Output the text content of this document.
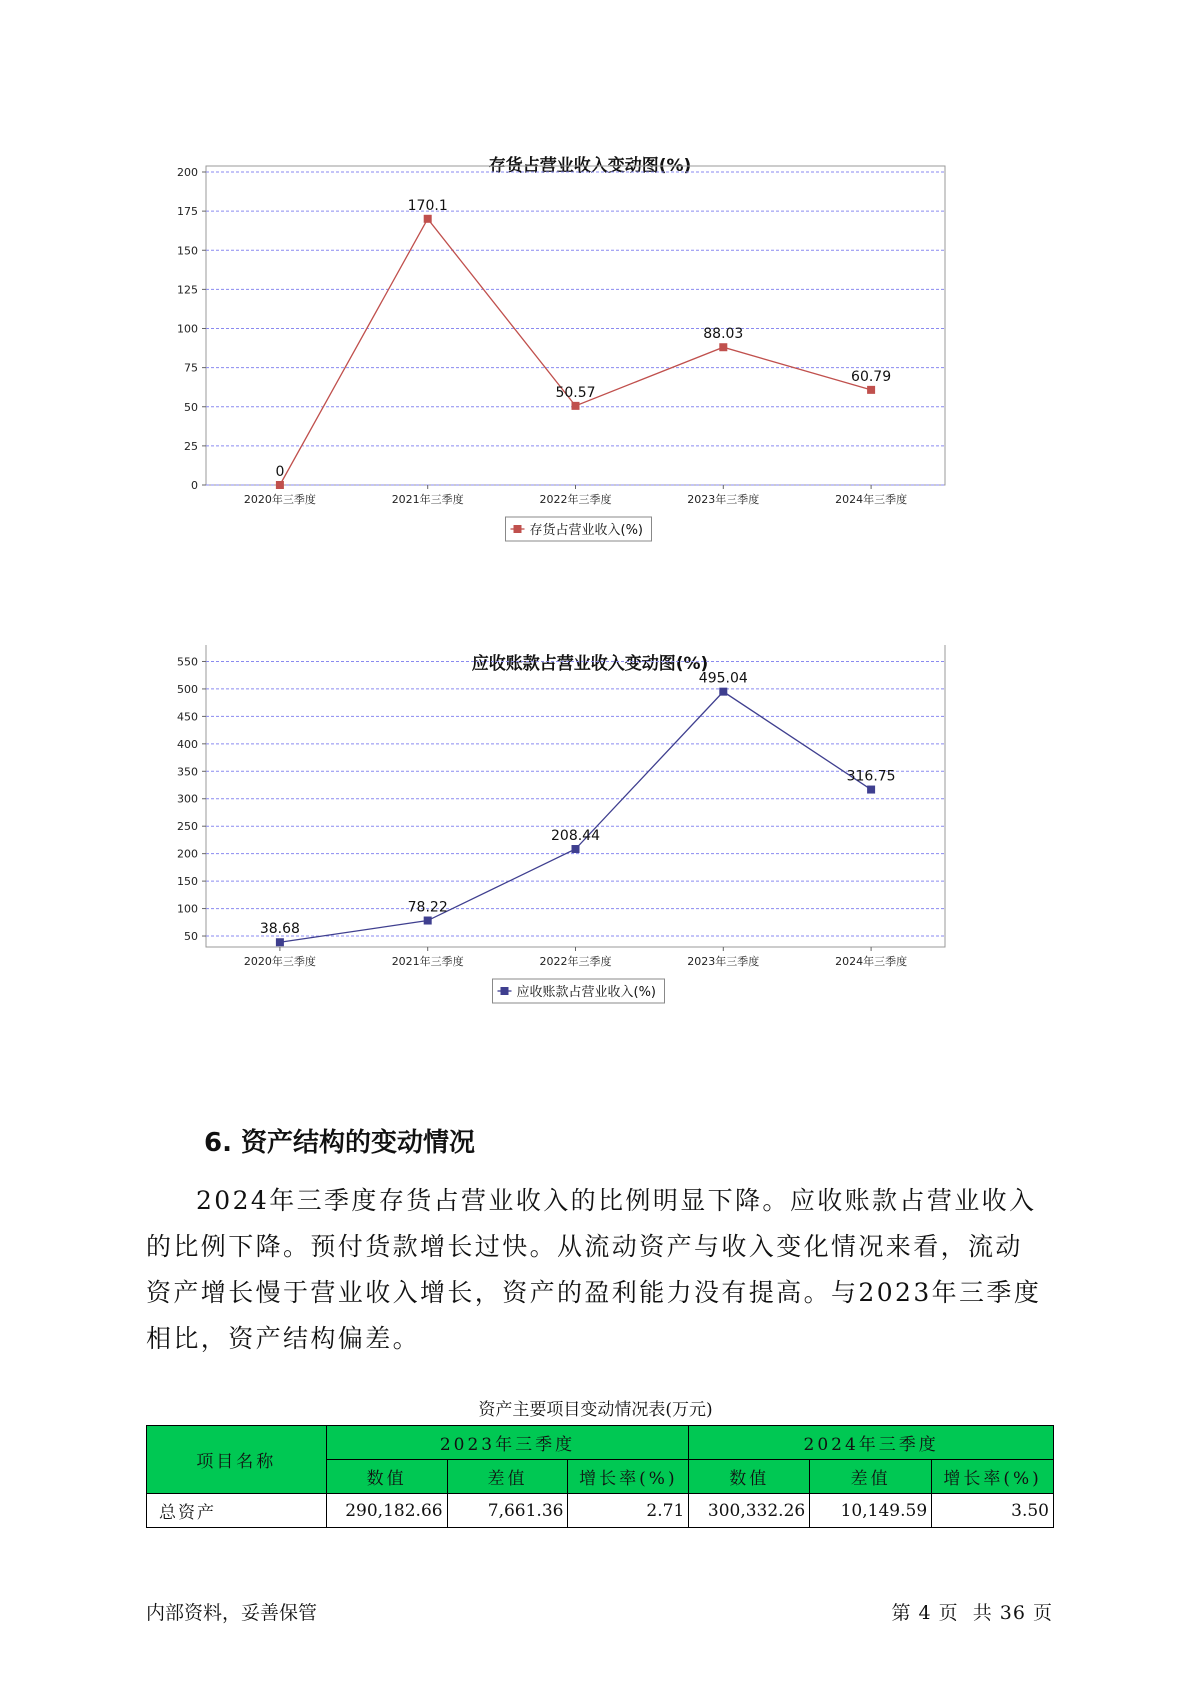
存货占营业收入变动图(%)
0
25
50
75
100
125
150
175
200
2020年三季度	2021年三季度	2022年三季度	2023年三季度	2024年三季度
0
170.1
50.57
88.03
60.79
存货占营业收入(%)
应收账款占营业收入变动图(%)
50
100
150
200
250
300
350
400
450
500
550
2020年三季度	2021年三季度	2022年三季度	2023年三季度	2024年三季度
38.68
78.22
208.44
495.04
316.75
应收账款占营业收入(%)
6. 资产结构的变动情况
2024年三季度存货占营业收入的比例明显下降。应收账款占营业收入的比例下降。预付货款增长过快。从流动资产与收入变化情况来看，流动资产增长慢于营业收入增长，资产的盈利能力没有提高。与2023年三季度相比，资产结构偏差。
资产主要项目变动情况表(万元)
项目名称	2023年三季度			2024年三季度		
	数值	差值	增长率(%)	数值	差值	增长率(%)
总资产	290,182.66	7,661.36	2.71	300,332.26	10,149.59	3.50
内部资料，妥善保管	第 4 页  共 36 页
